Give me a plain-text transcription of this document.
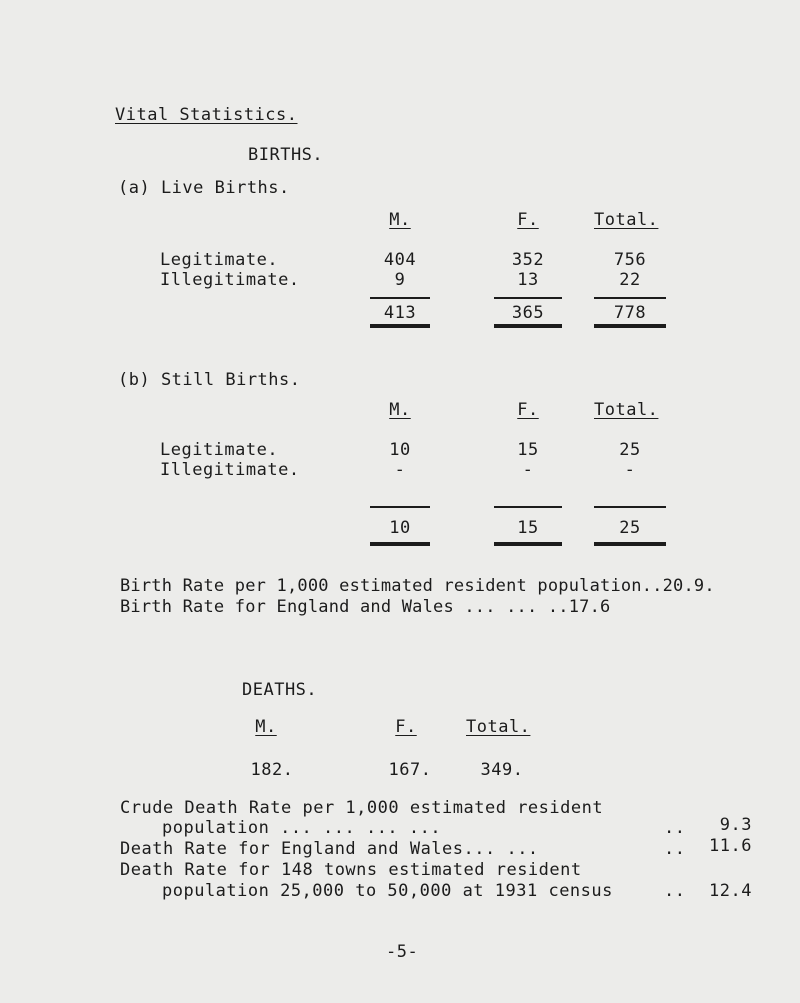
Vital Statistics.
BIRTHS.
(a) Live Births.
M.	F.	Total.
Legitimate.	404	352	756
Illegitimate.	9	13	22
413	365	778
(b) Still Births.
M.	F.	Total.
Legitimate.	10	15	25
Illegitimate.	-	-	-
10	15	25
Birth Rate per 1,000 estimated resident population..20.9.
Birth Rate for England and Wales ... ... ..17.6
DEATHS.
M.	F.	Total.
182.	167.	349.
Crude Death Rate per 1,000 estimated resident
population ... ... ... ...	..	9.3
Death Rate for England and Wales... ...	..	11.6
Death Rate for 148 towns estimated resident
population 25,000 to 50,000 at 1931 census	..	12.4
-5-
